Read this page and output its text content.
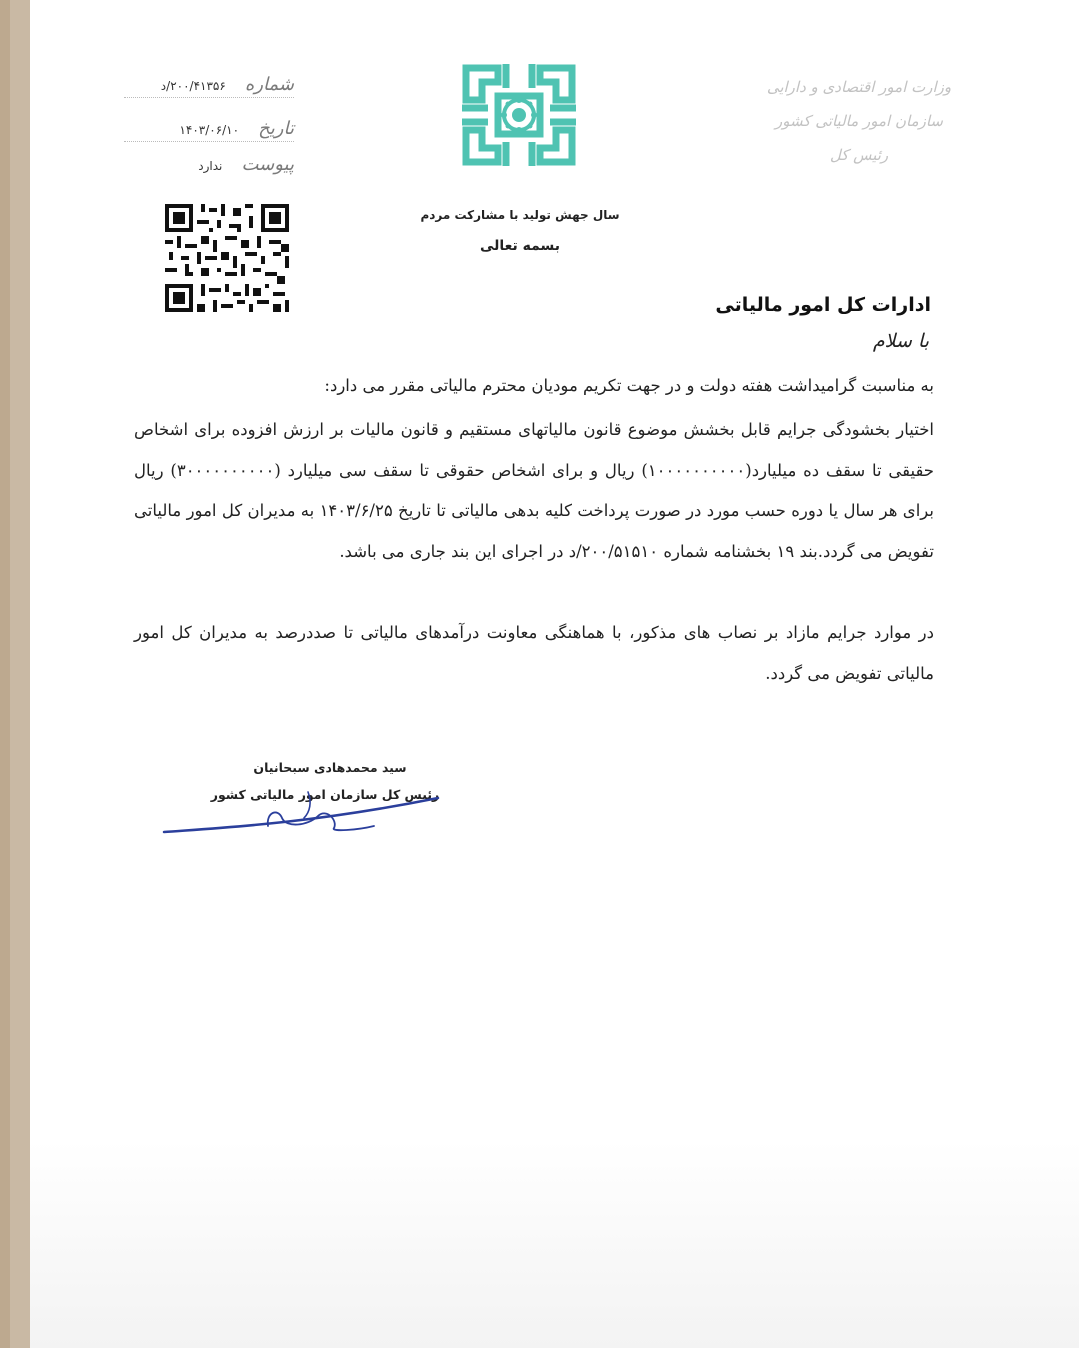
شماره ۲۰۰/۴۱۳۵۶/د
تاریخ ۱۴۰۳/۰۶/۱۰
پیوست ندارد
وزارت امور اقتصادی و دارایی
سازمان امور مالیاتی کشور
رئیس کل
سال جهش تولید با مشارکت مردم
بسمه تعالی
ادارات کل امور مالیاتی
با سلام
به مناسبت گرامیداشت هفته دولت و در جهت تکریم مودیان محترم مالیاتی مقرر می دارد:
اختیار بخشودگی جرایم قابل بخشش موضوع قانون مالیاتهای مستقیم و قانون مالیات بر ارزش افزوده برای اشخاص حقیقی تا سقف ده میلیارد(۱۰۰۰۰۰۰۰۰۰۰) ریال و برای اشخاص حقوقی تا سقف سی میلیارد (۳۰۰۰۰۰۰۰۰۰۰) ریال برای هر سال یا دوره حسب مورد در صورت پرداخت کلیه بدهی مالیاتی تا تاریخ ۱۴۰۳/۶/۲۵ به مدیران کل امور مالیاتی تفویض می گردد.بند ۱۹ بخشنامه شماره ۲۰۰/۵۱۵۱۰/د در اجرای این بند جاری می باشد.
در موارد جرایم مازاد بر نصاب های مذکور، با هماهنگی معاونت درآمدهای مالیاتی تا صددرصد به مدیران کل امور مالیاتی تفویض می گردد.
سید محمدهادی سبحانیان
رئیس کل سازمان امور مالیاتی کشور
